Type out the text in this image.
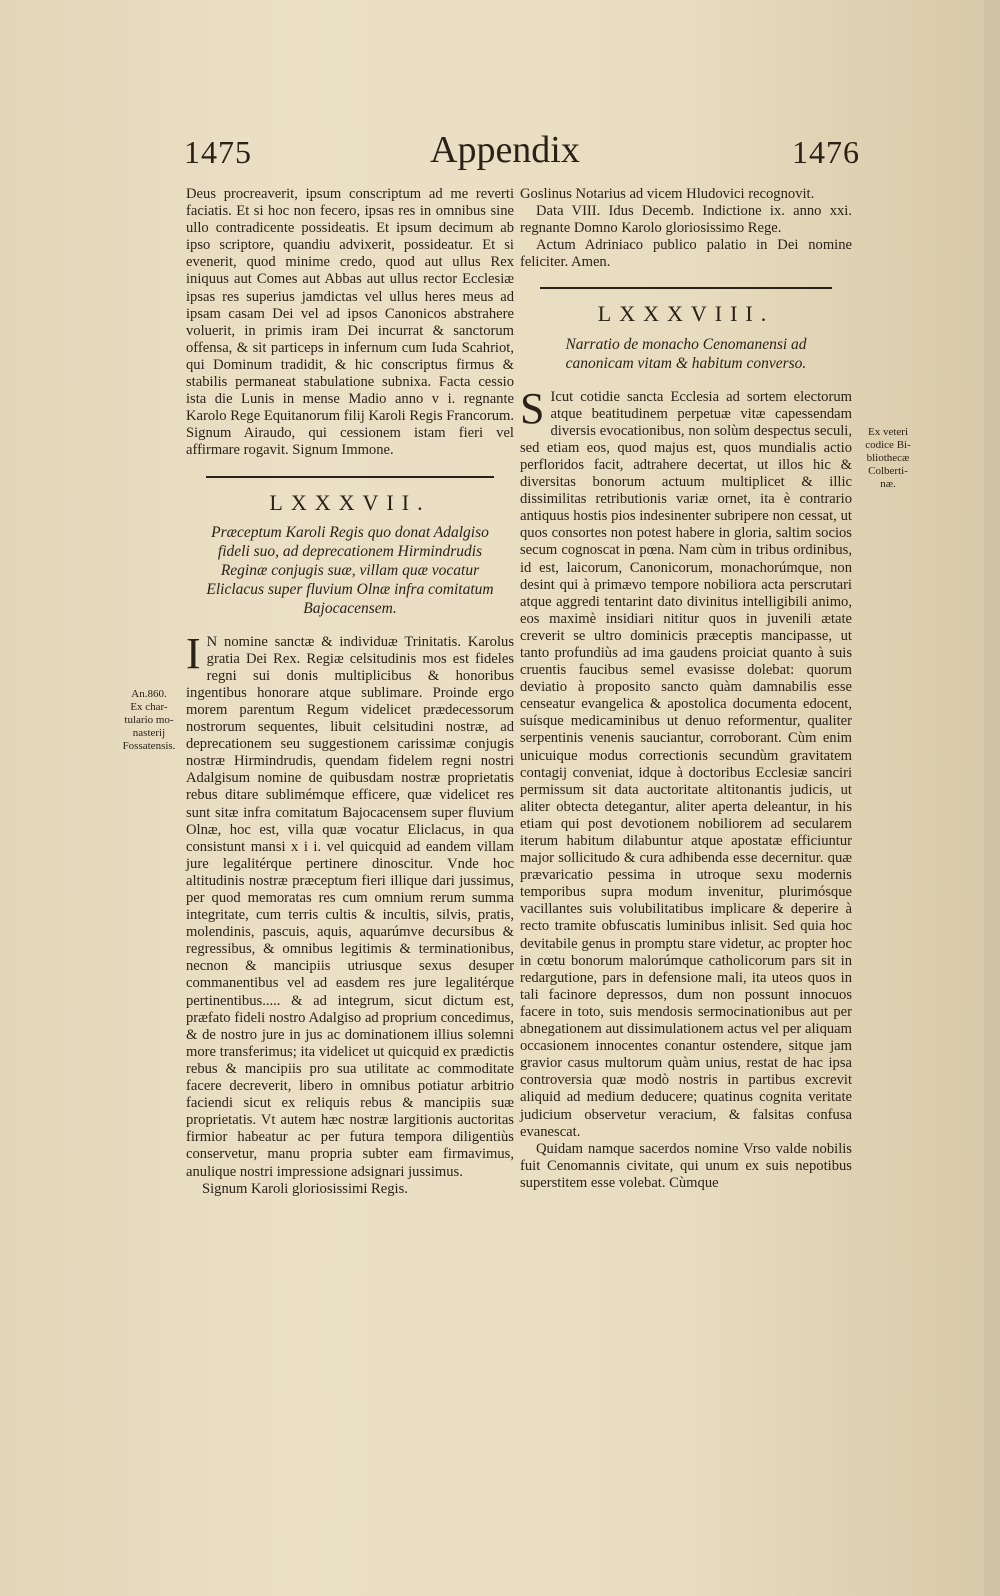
1475	Appendix	1476
An.860.
Ex char-
tulario mo-
nasterij
Fossatensis.
Ex veteri
codice Bi-
bliothecæ
Colberti-
næ.

Deus procreaverit, ipsum conscriptum ad me reverti faciatis. Et si hoc non fecero, ipsas res in omnibus sine ullo contradicente possideatis. Et ipsum decimum ab ipso scriptore, quandiu advixerit, possideatur. Et si evenerit, quod minime credo, quod aut ullus Rex iniquus aut Comes aut Abbas aut ullus rector Ecclesiæ ipsas res superius jamdictas vel ullus heres meus ad ipsam casam Dei vel ad ipsos Canonicos abstrahere voluerit, in primis iram Dei incurrat & sanctorum offensa, & sit particeps in infernum cum Iuda Scahriot, qui Dominum tradidit, & hic conscriptus firmus & stabilis permaneat stabulatione subnixa. Facta cessio ista die Lunis in mense Madio anno v i. regnante Karolo Rege Equitanorum filij Karoli Regis Francorum. Signum Airaudo, qui cessionem istam fieri vel affirmare rogavit. Signum Immone.

LXXXVII.
Præceptum Karoli Regis quo donat Adalgiso fideli suo, ad deprecationem Hirmindrudis Reginæ conjugis suæ, villam quæ vocatur Eliclacus super fluvium Olnæ infra comitatum Bajocacensem.

I N nomine sanctæ & individuæ Trinitatis. Karolus gratia Dei Rex. Regiæ celsitudinis mos est fideles regni sui donis multiplicibus & honoribus ingentibus honorare atque sublimare. Proinde ergo morem parentum Regum videlicet prædecessorum nostrorum sequentes, libuit celsitudini nostræ, ad deprecationem seu suggestionem carissimæ conjugis nostræ Hirmindrudis, quendam fidelem regni nostri Adalgisum nomine de quibusdam nostræ proprietatis rebus ditare sublimémque efficere, quæ videlicet res sunt sitæ infra comitatum Bajocacensem super fluvium Olnæ, hoc est, villa quæ vocatur Eliclacus, in qua consistunt mansi x i i. vel quicquid ad eandem villam jure legalitérque pertinere dinoscitur. Vnde hoc altitudinis nostræ præceptum fieri illique dari jussimus, per quod memoratas res cum omnium rerum summa integritate, cum terris cultis & incultis, silvis, pratis, molendinis, pascuis, aquis, aquarúmve decursibus & regressibus, & omnibus legitimis & terminationibus, necnon & mancipiis utriusque sexus desuper commanentibus vel ad easdem res jure legalitérque pertinentibus..... & ad integrum, sicut dictum est, præfato fideli nostro Adalgiso ad proprium concedimus, & de nostro jure in jus ac dominationem illius solemni more transferimus; ita videlicet ut quicquid ex prædictis rebus & mancipiis pro sua utilitate ac commoditate facere decreverit, libero in omnibus potiatur arbitrio faciendi sicut ex reliquis rebus & mancipiis suæ proprietatis. Vt autem hæc nostræ largitionis auctoritas firmior habeatur ac per futura tempora diligentiùs conservetur, manu propria subter eam firmavimus, anulique nostri impressione adsignari jussimus.

Signum Karoli gloriosissimi Regis.

Goslinus Notarius ad vicem Hludovici recognovit.

Data VIII. Idus Decemb. Indictione ix. anno xxi. regnante Domno Karolo gloriosissimo Rege.

Actum Adriniaco publico palatio in Dei nomine feliciter. Amen.

LXXXVIII.
Narratio de monacho Cenomanensi ad canonicam vitam & habitum converso.

S Icut cotidie sancta Ecclesia ad sortem electorum atque beatitudinem perpetuæ vitæ capessendam diversis evocationibus, non solùm despectus seculi, sed etiam eos, quod majus est, quos mundialis actio perfloridos facit, adtrahere decertat, ut illos hic & diversitas bonorum actuum multiplicet & illic dissimilitas retributionis variæ ornet, ita è contrario antiquus hostis pios indesinenter subripere non cessat, ut quos consortes non potest habere in gloria, saltim socios secum cognoscat in pœna. Nam cùm in tribus ordinibus, id est, laicorum, Canonicorum, monachorúmque, non desint qui à primævo tempore nobiliora acta perscrutari atque aggredi tentarint dato divinitus intelligibili animo, eos maximè insidiari nititur quos in juvenili ætate creverit se ultro dominicis præceptis mancipasse, ut tanto profundiùs ad ima gaudens proiciat quanto à suis cruentis faucibus semel evasisse dolebat: quorum deviatio à proposito sancto quàm damnabilis esse censeatur evangelica & apostolica documenta edocent, suísque medicaminibus ut denuo reformentur, qualiter serpentinis venenis sauciantur, corroborant. Cùm enim unicuique modus correctionis secundùm gravitatem contagij conveniat, idque à doctoribus Ecclesiæ sanciri permissum sit data auctoritate altitonantis judicis, ut aliter obtecta detegantur, aliter aperta deleantur, in his etiam qui post devotionem nobiliorem ad secularem iterum habitum dilabuntur atque apostatæ efficiuntur major sollicitudo & cura adhibenda esse decernitur. quæ prævaricatio pessima in utroque sexu modernis temporibus supra modum invenitur, plurimósque vacillantes suis volubilitatibus implicare & deperire à recto tramite obfuscatis luminibus inlisit. Sed quia hoc devitabile genus in promptu stare videtur, ac propter hoc in cœtu bonorum malorúmque catholicorum pars sit in redargutione, pars in defensione mali, ita uteos quos in tali facinore depressos, dum non possunt innocuos facere in toto, suis mendosis sermocinationibus aut per abnegationem aut dissimulationem actus vel per aliquam occasionem innocentes conantur ostendere, sitque jam gravior casus multorum quàm unius, restat de hac ipsa controversia quæ modò nostris in partibus excrevit aliquid ad medium deducere; quatinus cognita veritate judicium observetur veracium, & falsitas confusa evanescat.

Quidam namque sacerdos nomine Vrso valde nobilis fuit Cenomannis civitate, qui unum ex suis nepotibus superstitem esse volebat. Cùmque
